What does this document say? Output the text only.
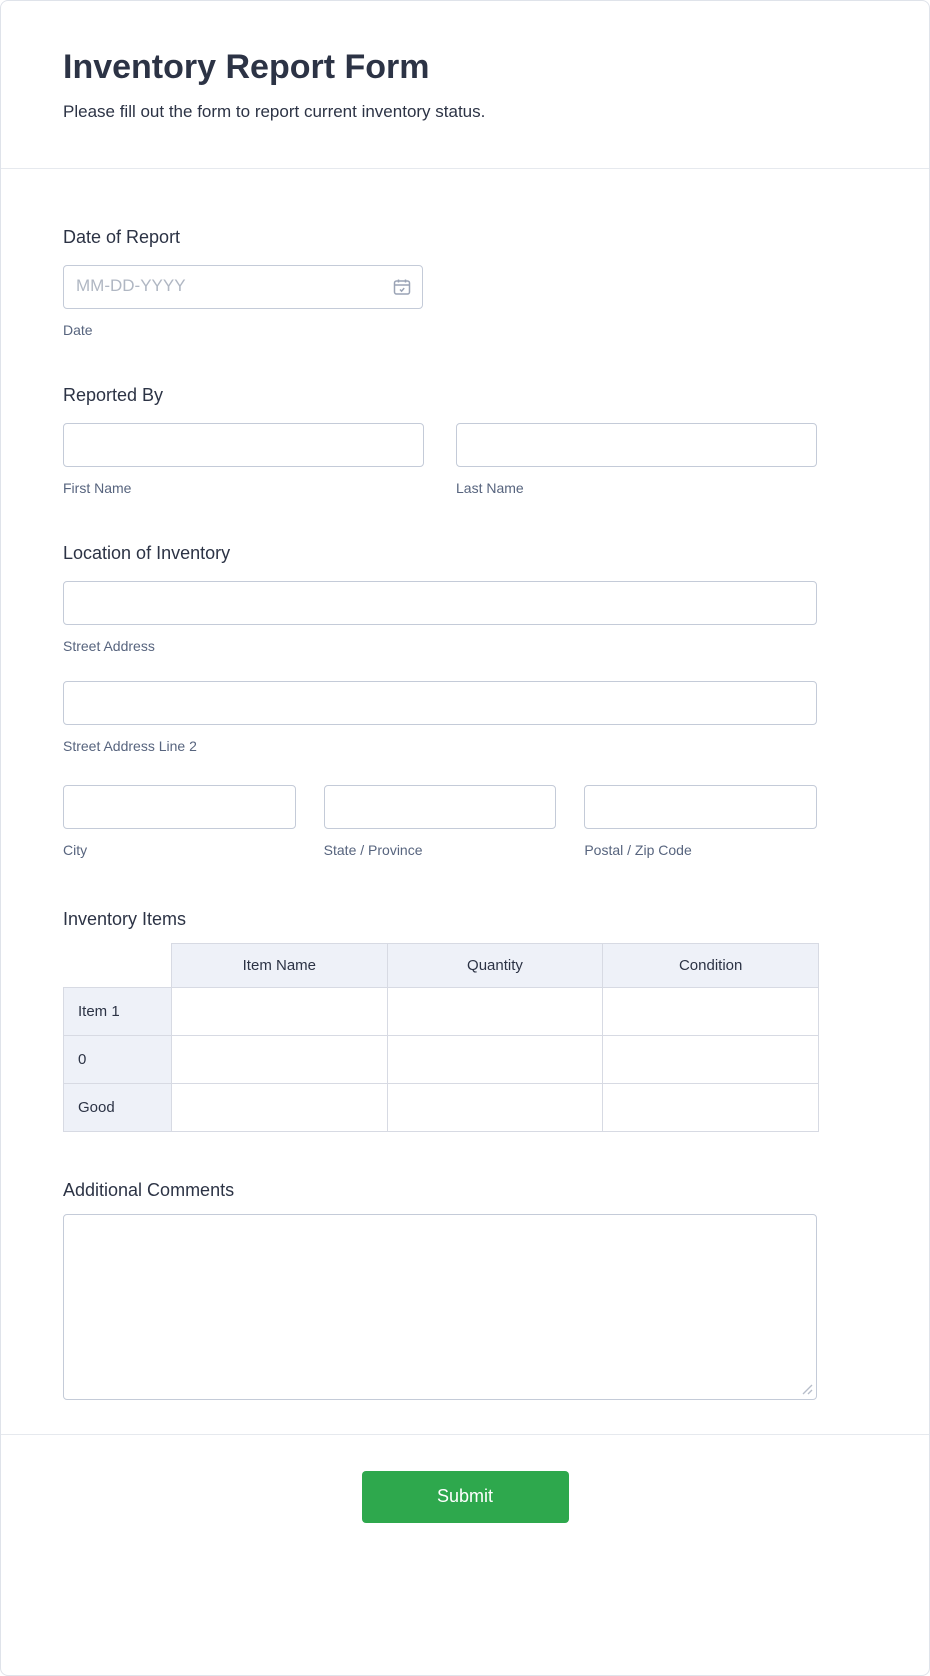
Inventory Report Form
Please fill out the form to report current inventory status.
Date of Report
MM-DD-YYYY
Date
Reported By
First Name	Last Name
Location of Inventory
Street Address
Street Address Line 2
City	State / Province	Postal / Zip Code
Inventory Items
	Item Name	Quantity	Condition
Item 1			
0			
Good			
Additional Comments
Submit
